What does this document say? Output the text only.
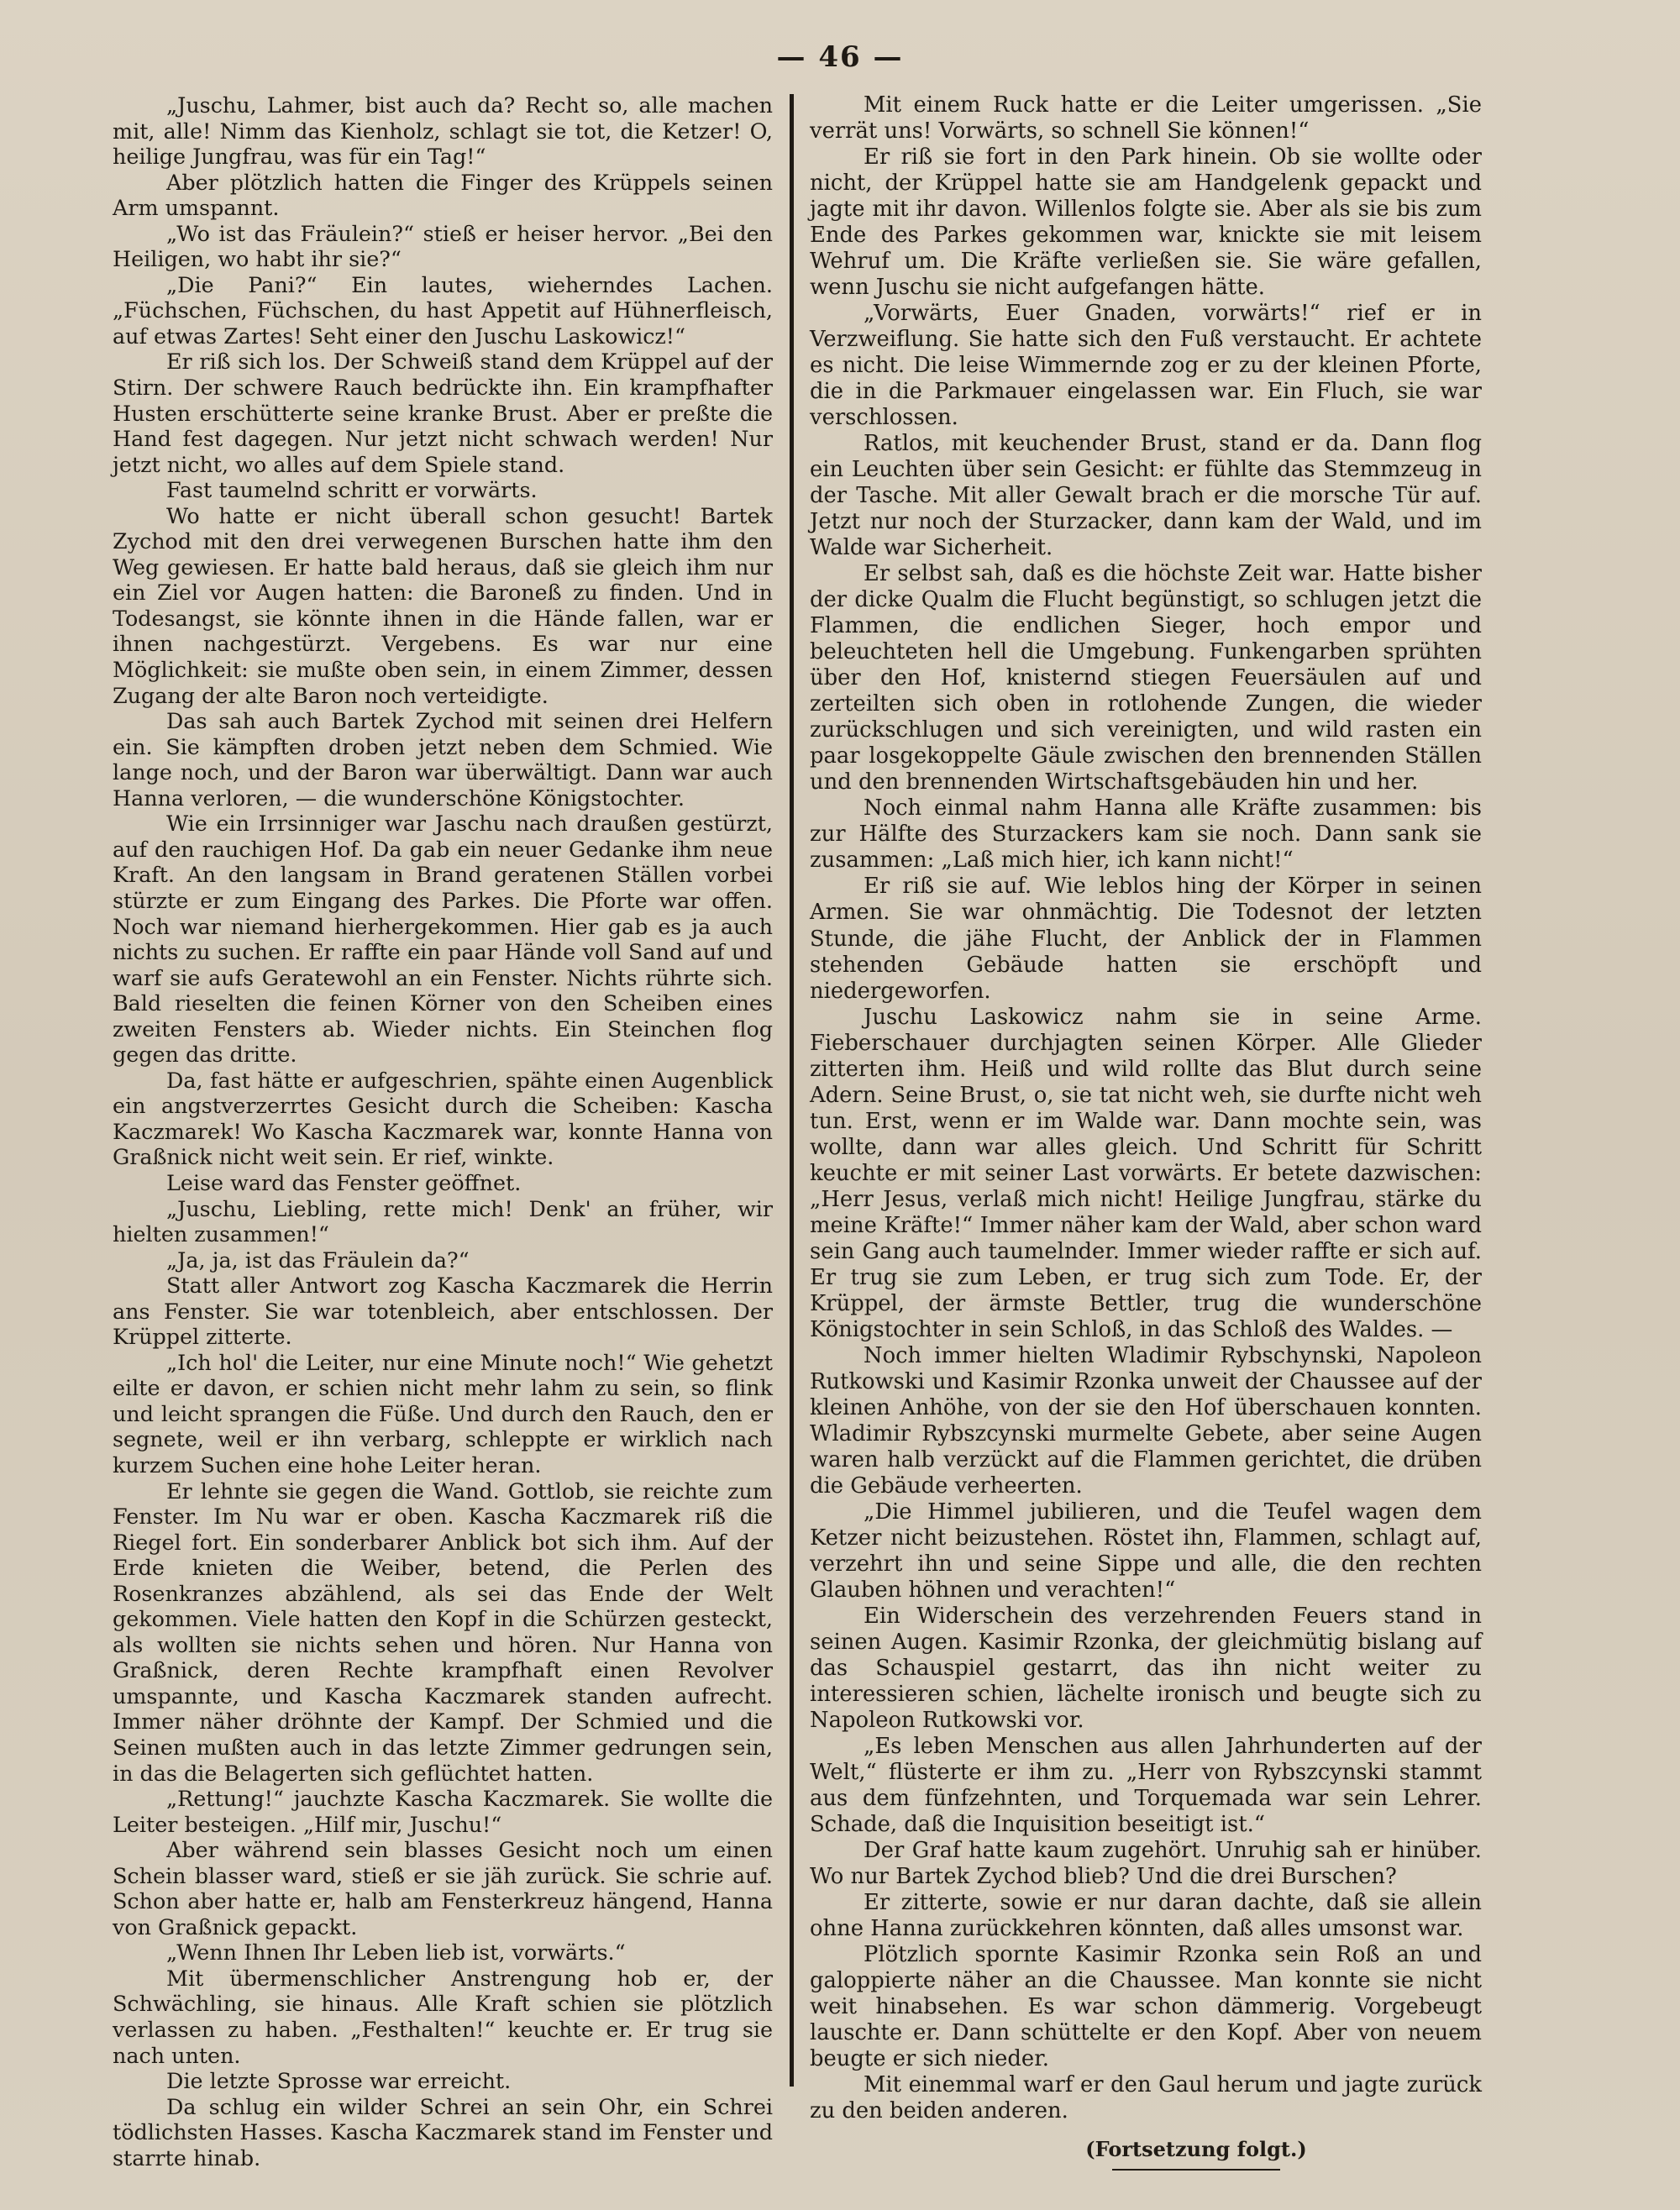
— 46 —

„Juschu, Lahmer, bist auch da? Recht so, alle machen mit, alle! Nimm das Kienholz, schlagt sie tot, die Ketzer! O, heilige Jungfrau, was für ein Tag!“

Aber plötzlich hatten die Finger des Krüppels seinen Arm umspannt.

„Wo ist das Fräulein?“ stieß er heiser hervor. „Bei den Heiligen, wo habt ihr sie?“

„Die Pani?“ Ein lautes, wieherndes Lachen. „Füchschen, Füchschen, du hast Appetit auf Hühnerfleisch, auf etwas Zartes! Seht einer den Juschu Laskowicz!“

Er riß sich los. Der Schweiß stand dem Krüppel auf der Stirn. Der schwere Rauch bedrückte ihn. Ein krampfhafter Husten erschütterte seine kranke Brust. Aber er preßte die Hand fest dagegen. Nur jetzt nicht schwach werden! Nur jetzt nicht, wo alles auf dem Spiele stand.

Fast taumelnd schritt er vorwärts.

Wo hatte er nicht überall schon gesucht! Bartek Zychod mit den drei verwegenen Burschen hatte ihm den Weg gewiesen. Er hatte bald heraus, daß sie gleich ihm nur ein Ziel vor Augen hatten: die Baroneß zu finden. Und in Todesangst, sie könnte ihnen in die Hände fallen, war er ihnen nachgestürzt. Vergebens. Es war nur eine Möglichkeit: sie mußte oben sein, in einem Zimmer, dessen Zugang der alte Baron noch verteidigte.

Das sah auch Bartek Zychod mit seinen drei Helfern ein. Sie kämpften droben jetzt neben dem Schmied. Wie lange noch, und der Baron war überwältigt. Dann war auch Hanna verloren, — die wunderschöne Königstochter.

Wie ein Irrsinniger war Jaschu nach draußen gestürzt, auf den rauchigen Hof. Da gab ein neuer Gedanke ihm neue Kraft. An den langsam in Brand geratenen Ställen vorbei stürzte er zum Eingang des Parkes. Die Pforte war offen. Noch war niemand hierhergekommen. Hier gab es ja auch nichts zu suchen. Er raffte ein paar Hände voll Sand auf und warf sie aufs Geratewohl an ein Fenster. Nichts rührte sich. Bald rieselten die feinen Körner von den Scheiben eines zweiten Fensters ab. Wieder nichts. Ein Steinchen flog gegen das dritte.

Da, fast hätte er aufgeschrien, spähte einen Augenblick ein angstverzerrtes Gesicht durch die Scheiben: Kascha Kaczmarek! Wo Kascha Kaczmarek war, konnte Hanna von Graßnick nicht weit sein. Er rief, winkte.

Leise ward das Fenster geöffnet.

„Juschu, Liebling, rette mich! Denk' an früher, wir hielten zusammen!“

„Ja, ja, ist das Fräulein da?“

Statt aller Antwort zog Kascha Kaczmarek die Herrin ans Fenster. Sie war totenbleich, aber entschlossen. Der Krüppel zitterte.

„Ich hol' die Leiter, nur eine Minute noch!“ Wie gehetzt eilte er davon, er schien nicht mehr lahm zu sein, so flink und leicht sprangen die Füße. Und durch den Rauch, den er segnete, weil er ihn verbarg, schleppte er wirklich nach kurzem Suchen eine hohe Leiter heran.

Er lehnte sie gegen die Wand. Gottlob, sie reichte zum Fenster. Im Nu war er oben. Kascha Kaczmarek riß die Riegel fort. Ein sonderbarer Anblick bot sich ihm. Auf der Erde knieten die Weiber, betend, die Perlen des Rosenkranzes abzählend, als sei das Ende der Welt gekommen. Viele hatten den Kopf in die Schürzen gesteckt, als wollten sie nichts sehen und hören. Nur Hanna von Graßnick, deren Rechte krampfhaft einen Revolver umspannte, und Kascha Kaczmarek standen aufrecht. Immer näher dröhnte der Kampf. Der Schmied und die Seinen mußten auch in das letzte Zimmer gedrungen sein, in das die Belagerten sich geflüchtet hatten.

„Rettung!“ jauchzte Kascha Kaczmarek. Sie wollte die Leiter besteigen. „Hilf mir, Juschu!“

Aber während sein blasses Gesicht noch um einen Schein blasser ward, stieß er sie jäh zurück. Sie schrie auf. Schon aber hatte er, halb am Fensterkreuz hängend, Hanna von Graßnick gepackt.

„Wenn Ihnen Ihr Leben lieb ist, vorwärts.“

Mit übermenschlicher Anstrengung hob er, der Schwächling, sie hinaus. Alle Kraft schien sie plötzlich verlassen zu haben. „Festhalten!“ keuchte er. Er trug sie nach unten.

Die letzte Sprosse war erreicht.

Da schlug ein wilder Schrei an sein Ohr, ein Schrei tödlichsten Hasses. Kascha Kaczmarek stand im Fenster und starrte hinab.

Mit einem Ruck hatte er die Leiter umgerissen. „Sie verrät uns! Vorwärts, so schnell Sie können!“

Er riß sie fort in den Park hinein. Ob sie wollte oder nicht, der Krüppel hatte sie am Handgelenk gepackt und jagte mit ihr davon. Willenlos folgte sie. Aber als sie bis zum Ende des Parkes gekommen war, knickte sie mit leisem Wehruf um. Die Kräfte verließen sie. Sie wäre gefallen, wenn Juschu sie nicht aufgefangen hätte.

„Vorwärts, Euer Gnaden, vorwärts!“ rief er in Verzweiflung. Sie hatte sich den Fuß verstaucht. Er achtete es nicht. Die leise Wimmernde zog er zu der kleinen Pforte, die in die Parkmauer eingelassen war. Ein Fluch, sie war verschlossen.

Ratlos, mit keuchender Brust, stand er da. Dann flog ein Leuchten über sein Gesicht: er fühlte das Stemmzeug in der Tasche. Mit aller Gewalt brach er die morsche Tür auf. Jetzt nur noch der Sturzacker, dann kam der Wald, und im Walde war Sicherheit.

Er selbst sah, daß es die höchste Zeit war. Hatte bisher der dicke Qualm die Flucht begünstigt, so schlugen jetzt die Flammen, die endlichen Sieger, hoch empor und beleuchteten hell die Umgebung. Funkengarben sprühten über den Hof, knisternd stiegen Feuersäulen auf und zerteilten sich oben in rotlohende Zungen, die wieder zurückschlugen und sich vereinigten, und wild rasten ein paar losgekoppelte Gäule zwischen den brennenden Ställen und den brennenden Wirtschaftsgebäuden hin und her.

Noch einmal nahm Hanna alle Kräfte zusammen: bis zur Hälfte des Sturzackers kam sie noch. Dann sank sie zusammen: „Laß mich hier, ich kann nicht!“

Er riß sie auf. Wie leblos hing der Körper in seinen Armen. Sie war ohnmächtig. Die Todesnot der letzten Stunde, die jähe Flucht, der Anblick der in Flammen stehenden Gebäude hatten sie erschöpft und niedergeworfen.

Juschu Laskowicz nahm sie in seine Arme. Fieberschauer durchjagten seinen Körper. Alle Glieder zitterten ihm. Heiß und wild rollte das Blut durch seine Adern. Seine Brust, o, sie tat nicht weh, sie durfte nicht weh tun. Erst, wenn er im Walde war. Dann mochte sein, was wollte, dann war alles gleich. Und Schritt für Schritt keuchte er mit seiner Last vorwärts. Er betete dazwischen: „Herr Jesus, verlaß mich nicht! Heilige Jungfrau, stärke du meine Kräfte!“ Immer näher kam der Wald, aber schon ward sein Gang auch taumelnder. Immer wieder raffte er sich auf. Er trug sie zum Leben, er trug sich zum Tode. Er, der Krüppel, der ärmste Bettler, trug die wunderschöne Königstochter in sein Schloß, in das Schloß des Waldes. —

Noch immer hielten Wladimir Rybschynski, Napoleon Rutkowski und Kasimir Rzonka unweit der Chaussee auf der kleinen Anhöhe, von der sie den Hof überschauen konnten. Wladimir Rybszcynski murmelte Gebete, aber seine Augen waren halb verzückt auf die Flammen gerichtet, die drüben die Gebäude verheerten.

„Die Himmel jubilieren, und die Teufel wagen dem Ketzer nicht beizustehen. Röstet ihn, Flammen, schlagt auf, verzehrt ihn und seine Sippe und alle, die den rechten Glauben höhnen und verachten!“

Ein Widerschein des verzehrenden Feuers stand in seinen Augen. Kasimir Rzonka, der gleichmütig bislang auf das Schauspiel gestarrt, das ihn nicht weiter zu interessieren schien, lächelte ironisch und beugte sich zu Napoleon Rutkowski vor.

„Es leben Menschen aus allen Jahrhunderten auf der Welt,“ flüsterte er ihm zu. „Herr von Rybszcynski stammt aus dem fünfzehnten, und Torquemada war sein Lehrer. Schade, daß die Inquisition beseitigt ist.“

Der Graf hatte kaum zugehört. Unruhig sah er hinüber. Wo nur Bartek Zychod blieb? Und die drei Burschen?

Er zitterte, sowie er nur daran dachte, daß sie allein ohne Hanna zurückkehren könnten, daß alles umsonst war.

Plötzlich spornte Kasimir Rzonka sein Roß an und galoppierte näher an die Chaussee. Man konnte sie nicht weit hinabsehen. Es war schon dämmerig. Vorgebeugt lauschte er. Dann schüttelte er den Kopf. Aber von neuem beugte er sich nieder.

Mit einemmal warf er den Gaul herum und jagte zurück zu den beiden anderen.

(Fortsetzung folgt.)
